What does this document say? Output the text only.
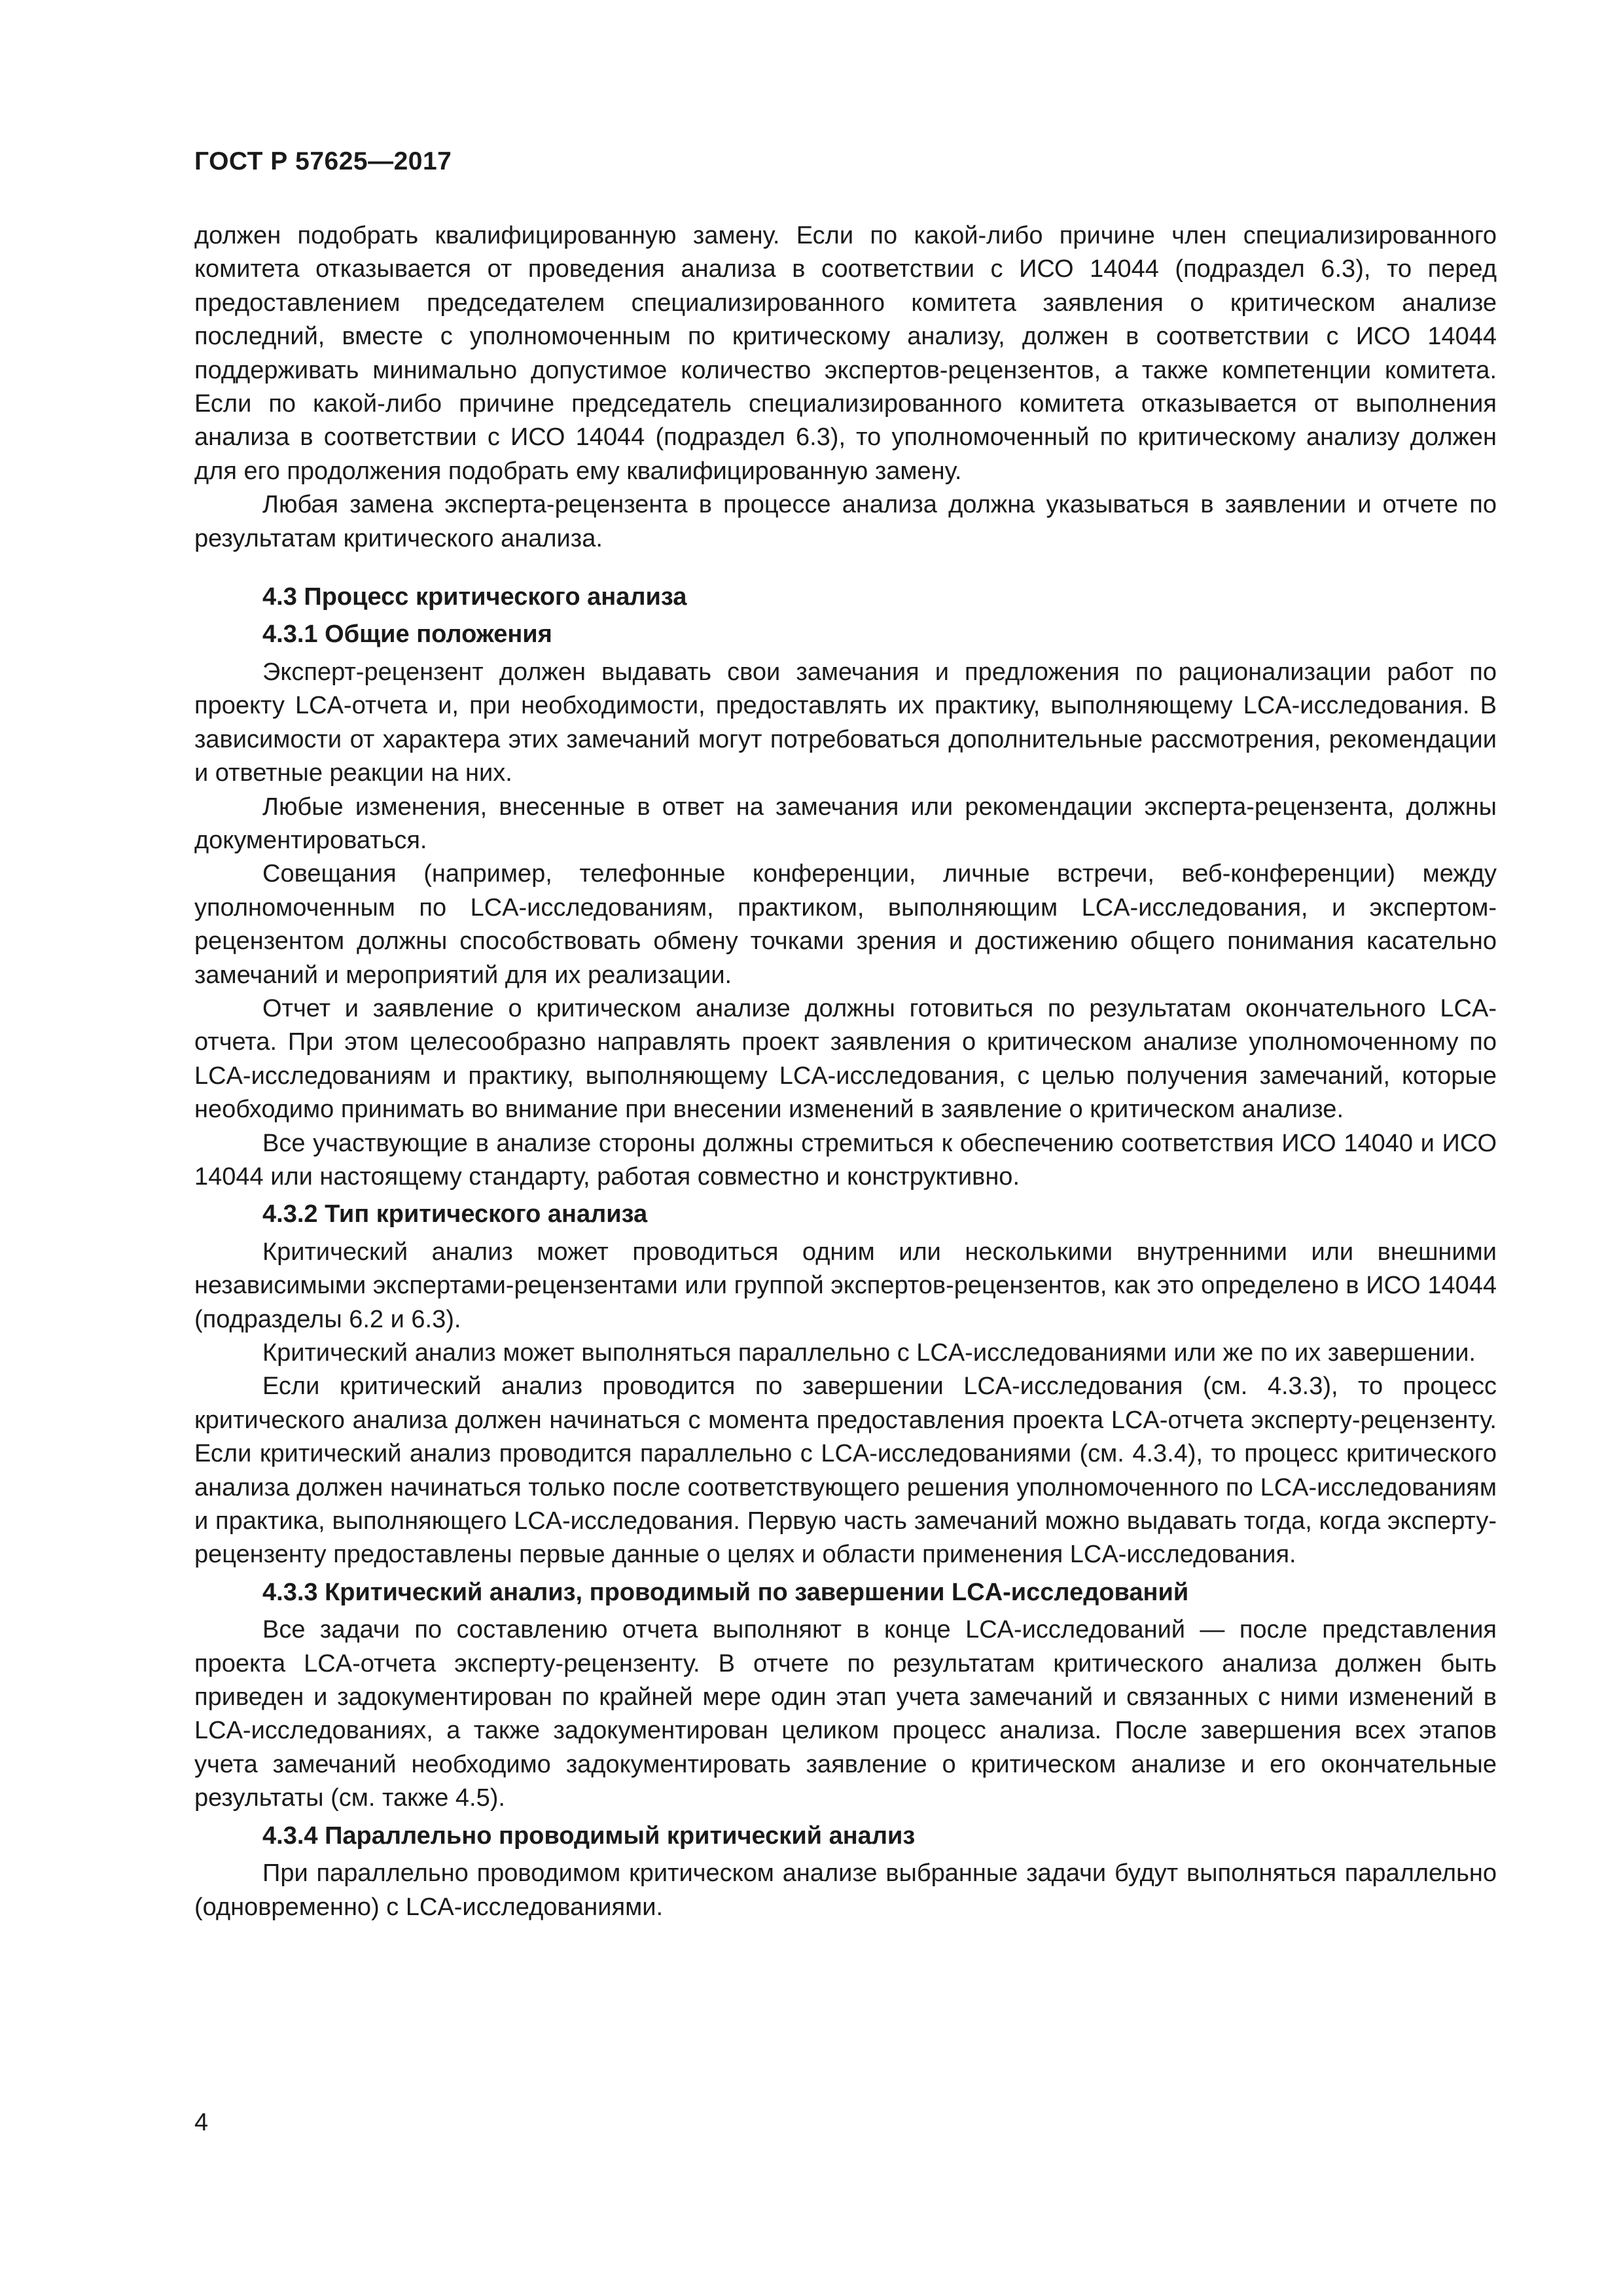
ГОСТ Р 57625—2017

должен подобрать квалифицированную замену. Если по какой-либо причине член специализированного комитета отказывается от проведения анализа в соответствии с ИСО 14044 (подраздел 6.3), то перед предоставлением председателем специализированного комитета заявления о критическом анализе последний, вместе с уполномоченным по критическому анализу, должен в соответствии с ИСО 14044 поддерживать минимально допустимое количество экспертов-рецензентов, а также компетенции комитета. Если по какой-либо причине председатель специализированного комитета отказывается от выполнения анализа в соответствии с ИСО 14044 (подраздел 6.3), то уполномоченный по критическому анализу должен для его продолжения подобрать ему квалифицированную замену.

Любая замена эксперта-рецензента в процессе анализа должна указываться в заявлении и отчете по результатам критического анализа.

4.3 Процесс критического анализа
4.3.1 Общие положения

Эксперт-рецензент должен выдавать свои замечания и предложения по рационализации работ по проекту LCA-отчета и, при необходимости, предоставлять их практику, выполняющему LCA-исследования. В зависимости от характера этих замечаний могут потребоваться дополнительные рассмотрения, рекомендации и ответные реакции на них.

Любые изменения, внесенные в ответ на замечания или рекомендации эксперта-рецензента, должны документироваться.

Совещания (например, телефонные конференции, личные встречи, веб-конференции) между уполномоченным по LCA-исследованиям, практиком, выполняющим LCA-исследования, и экспертом-рецензентом должны способствовать обмену точками зрения и достижению общего понимания касательно замечаний и мероприятий для их реализации.

Отчет и заявление о критическом анализе должны готовиться по результатам окончательного LCA-отчета. При этом целесообразно направлять проект заявления о критическом анализе уполномоченному по LCA-исследованиям и практику, выполняющему LCA-исследования, с целью получения замечаний, которые необходимо принимать во внимание при внесении изменений в заявление о критическом анализе.

Все участвующие в анализе стороны должны стремиться к обеспечению соответствия ИСО 14040 и ИСО 14044 или настоящему стандарту, работая совместно и конструктивно.

4.3.2 Тип критического анализа

Критический анализ может проводиться одним или несколькими внутренними или внешними независимыми экспертами-рецензентами или группой экспертов-рецензентов, как это определено в ИСО 14044 (подразделы 6.2 и 6.3).

Критический анализ может выполняться параллельно с LCA-исследованиями или же по их завершении.

Если критический анализ проводится по завершении LCA-исследования (см. 4.3.3), то процесс критического анализа должен начинаться с момента предоставления проекта LCA-отчета эксперту-рецензенту. Если критический анализ проводится параллельно с LCA-исследованиями (см. 4.3.4), то процесс критического анализа должен начинаться только после соответствующего решения уполномоченного по LCA-исследованиям и практика, выполняющего LCA-исследования. Первую часть замечаний можно выдавать тогда, когда эксперту-рецензенту предоставлены первые данные о целях и области применения LCA-исследования.

4.3.3 Критический анализ, проводимый по завершении LCA-исследований

Все задачи по составлению отчета выполняют в конце LCA-исследований — после представления проекта LCA-отчета эксперту-рецензенту. В отчете по результатам критического анализа должен быть приведен и задокументирован по крайней мере один этап учета замечаний и связанных с ними изменений в LCA-исследованиях, а также задокументирован целиком процесс анализа. После завершения всех этапов учета замечаний необходимо задокументировать заявление о критическом анализе и его окончательные результаты (см. также 4.5).

4.3.4 Параллельно проводимый критический анализ

При параллельно проводимом критическом анализе выбранные задачи будут выполняться параллельно (одновременно) с LCA-исследованиями.

4
